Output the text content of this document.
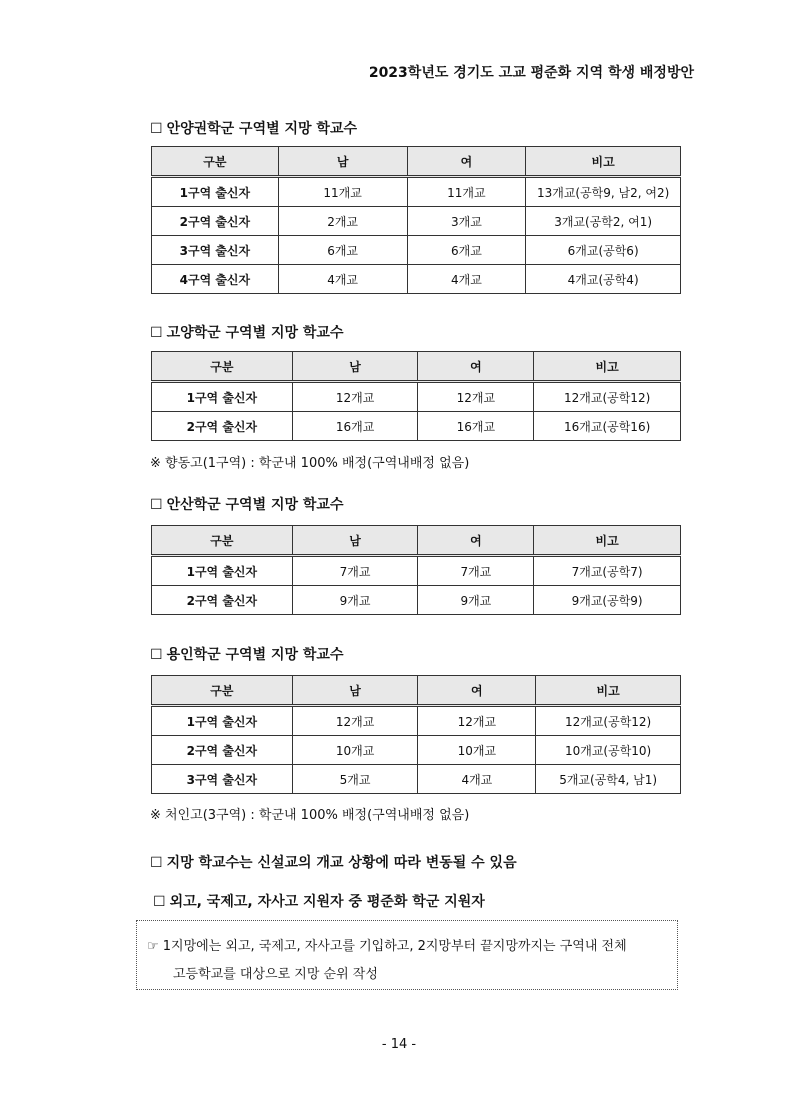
2023학년도 경기도 고교 평준화 지역 학생 배정방안
☐ 안양권학군 구역별 지망 학교수
구분	남	여	비고
1구역 출신자	11개교	11개교	13개교(공학9, 남2, 여2)
2구역 출신자	2개교	3개교	3개교(공학2, 여1)
3구역 출신자	6개교	6개교	6개교(공학6)
4구역 출신자	4개교	4개교	4개교(공학4)
☐ 고양학군 구역별 지망 학교수
구분	남	여	비고
1구역 출신자	12개교	12개교	12개교(공학12)
2구역 출신자	16개교	16개교	16개교(공학16)
※ 향동고(1구역) : 학군내 100% 배정(구역내배정 없음)
☐ 안산학군 구역별 지망 학교수
구분	남	여	비고
1구역 출신자	7개교	7개교	7개교(공학7)
2구역 출신자	9개교	9개교	9개교(공학9)
☐ 용인학군 구역별 지망 학교수
구분	남	여	비고
1구역 출신자	12개교	12개교	12개교(공학12)
2구역 출신자	10개교	10개교	10개교(공학10)
3구역 출신자	5개교	4개교	5개교(공학4, 남1)
※ 처인고(3구역) : 학군내 100% 배정(구역내배정 없음)
☐ 지망 학교수는 신설교의 개교 상황에 따라 변동될 수 있음
☐ 외고, 국제고, 자사고 지원자 중 평준화 학군 지원자
☞ 1지망에는 외고, 국제고, 자사고를 기입하고, 2지망부터 끝지망까지는 구역내 전체
고등학교를 대상으로 지망 순위 작성
- 14 -
